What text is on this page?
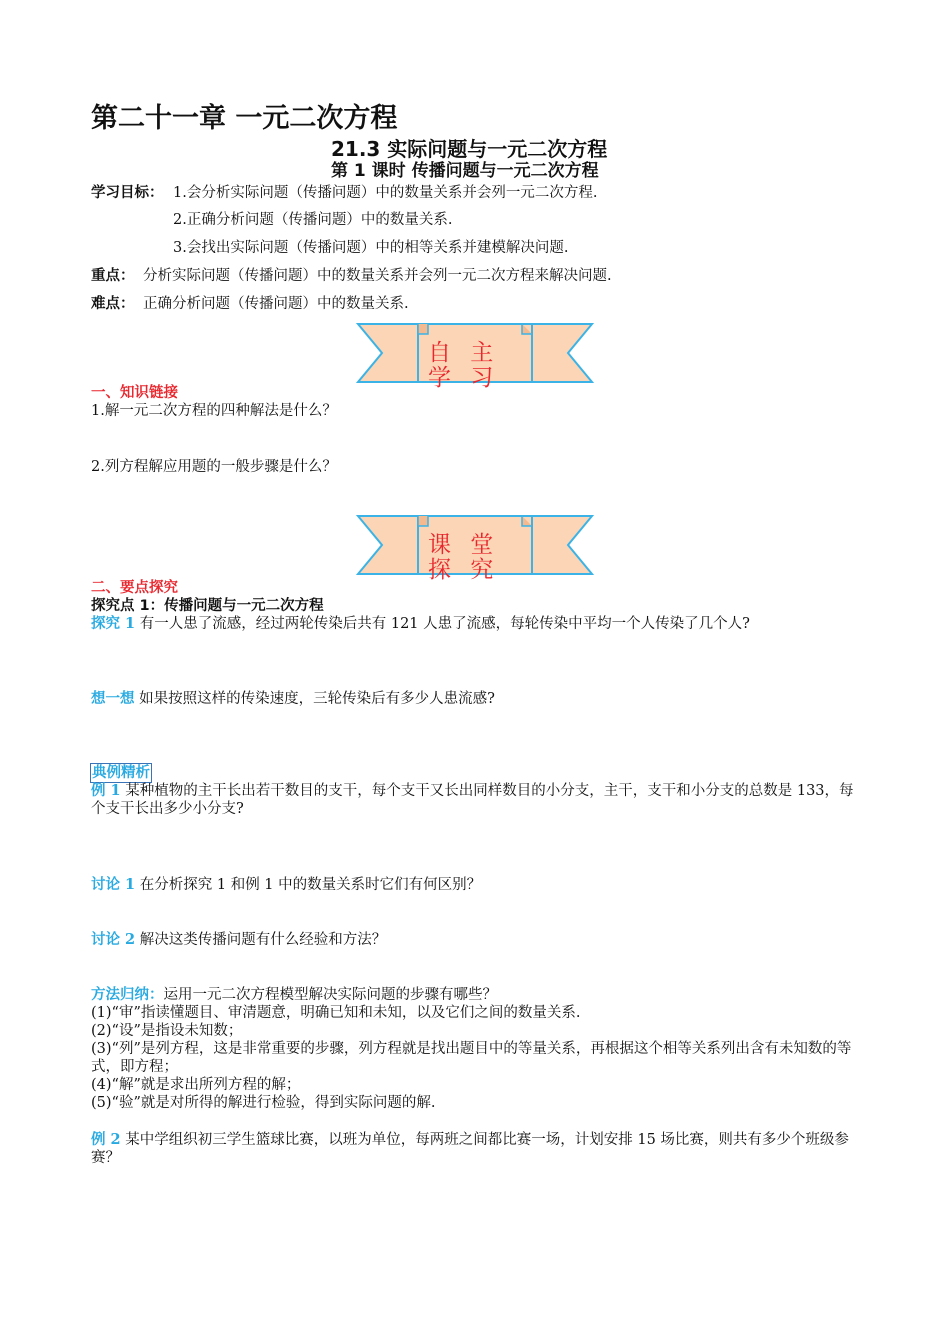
第二十一章 一元二次方程
21.3 实际问题与一元二次方程
第 1 课时 传播问题与一元二次方程
学习目标： 1.会分析实际问题（传播问题）中的数量关系并会列一元二次方程.
2.正确分析问题（传播问题）中的数量关系.
3.会找出实际问题（传播问题）中的相等关系并建模解决问题.
重点： 分析实际问题（传播问题）中的数量关系并会列一元二次方程来解决问题.
难点： 正确分析问题（传播问题）中的数量关系.
自 主 学 习
一、知识链接
1.解一元二次方程的四种解法是什么？
2.列方程解应用题的一般步骤是什么？
课 堂 探 究
二、要点探究
探究点 1：传播问题与一元二次方程
探究 1 有一人患了流感，经过两轮传染后共有 121 人患了流感，每轮传染中平均一个人传染了几个人?
想一想 如果按照这样的传染速度，三轮传染后有多少人患流感?
典例精析
例 1 某种植物的主干长出若干数目的支干，每个支干又长出同样数目的小分支，主干，支干和小分支的总数是 133，每个支干长出多少小分支?
讨论 1 在分析探究 1 和例 1 中的数量关系时它们有何区别？
讨论 2 解决这类传播问题有什么经验和方法？
方法归纳：运用一元二次方程模型解决实际问题的步骤有哪些？
(1)“审”指读懂题目、审清题意，明确已知和未知，以及它们之间的数量关系.
(2)“设”是指设未知数；
(3)“列”是列方程，这是非常重要的步骤，列方程就是找出题目中的等量关系，再根据这个相等关系列出含有未知数的等式，即方程；
(4)“解”就是求出所列方程的解；
(5)“验”就是对所得的解进行检验，得到实际问题的解.
例 2 某中学组织初三学生篮球比赛，以班为单位，每两班之间都比赛一场，计划安排 15 场比赛，则共有多少个班级参赛？
